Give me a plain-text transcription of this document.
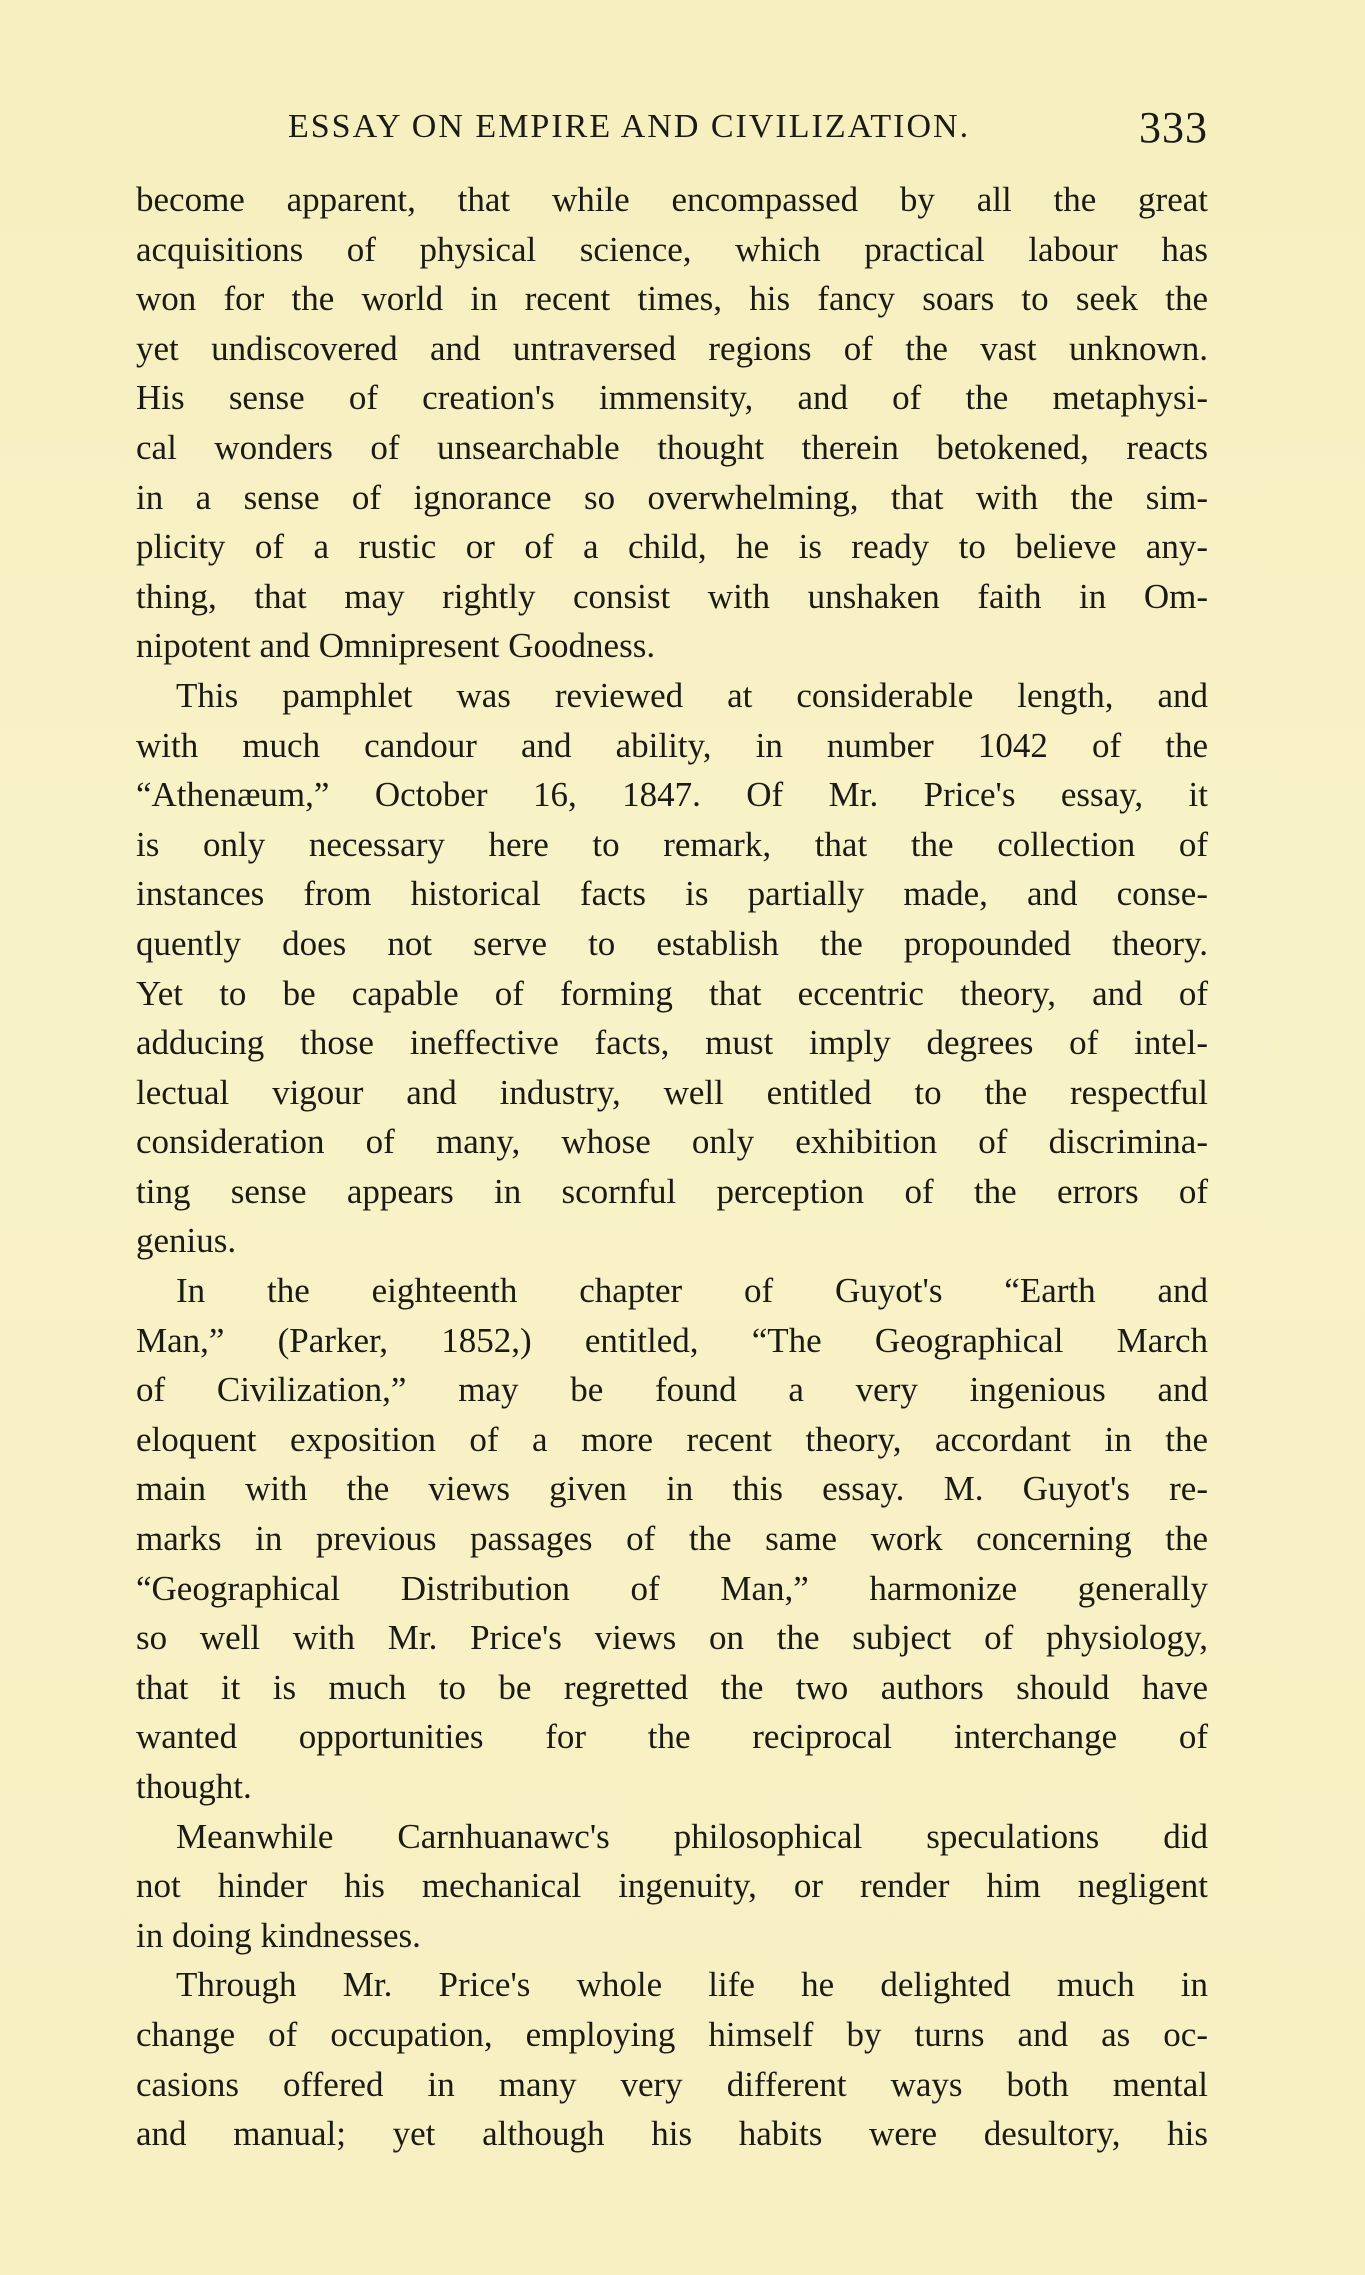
ESSAY ON EMPIRE AND CIVILIZATION.	333
become apparent, that while encompassed by all the great
acquisitions of physical science, which practical labour has
won for the world in recent times, his fancy soars to seek the
yet undiscovered and untraversed regions of the vast unknown.
His sense of creation's immensity, and of the metaphysi-
cal wonders of unsearchable thought therein betokened, reacts
in a sense of ignorance so overwhelming, that with the sim-
plicity of a rustic or of a child, he is ready to believe any-
thing, that may rightly consist with unshaken faith in Om-
nipotent and Omnipresent Goodness.
This pamphlet was reviewed at considerable length, and
with much candour and ability, in number 1042 of the
“Athenæum,” October 16, 1847. Of Mr. Price's essay, it
is only necessary here to remark, that the collection of
instances from historical facts is partially made, and conse-
quently does not serve to establish the propounded theory.
Yet to be capable of forming that eccentric theory, and of
adducing those ineffective facts, must imply degrees of intel-
lectual vigour and industry, well entitled to the respectful
consideration of many, whose only exhibition of discrimina-
ting sense appears in scornful perception of the errors of
genius.
In the eighteenth chapter of Guyot's “Earth and
Man,” (Parker, 1852,) entitled, “The Geographical March
of Civilization,” may be found a very ingenious and
eloquent exposition of a more recent theory, accordant in the
main with the views given in this essay. M. Guyot's re-
marks in previous passages of the same work concerning the
“Geographical Distribution of Man,” harmonize generally
so well with Mr. Price's views on the subject of physiology,
that it is much to be regretted the two authors should have
wanted opportunities for the reciprocal interchange of
thought.
Meanwhile Carnhuanawc's philosophical speculations did
not hinder his mechanical ingenuity, or render him negligent
in doing kindnesses.
Through Mr. Price's whole life he delighted much in
change of occupation, employing himself by turns and as oc-
casions offered in many very different ways both mental
and manual; yet although his habits were desultory, his
